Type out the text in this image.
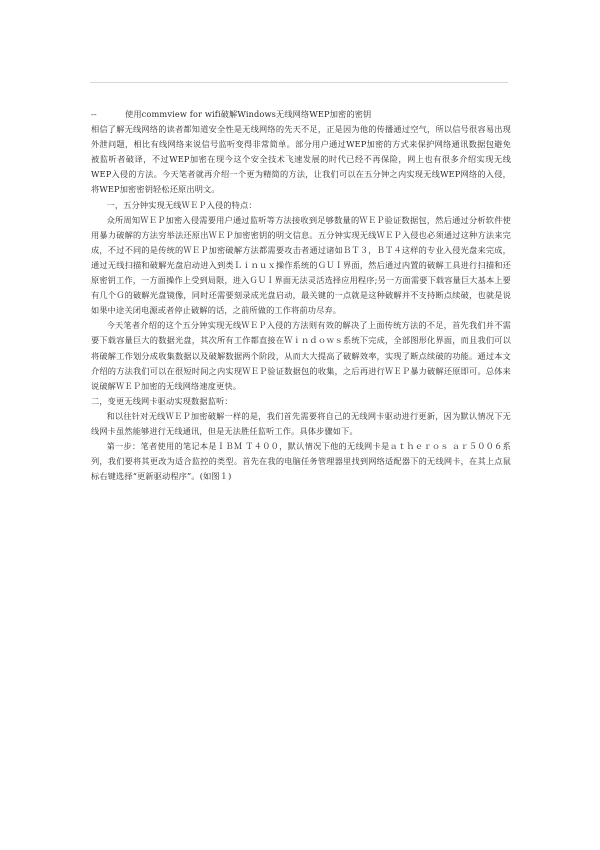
--	使用commview for wifi破解Windows无线网络WEP加密的密钥

相信了解无线网络的读者都知道安全性是无线网络的先天不足，正是因为他的传播通过空气，所以信号很容易出现外泄问题，相比有线网络来说信号监听变得非常简单。部分用户通过WEP加密的方式来保护网络通讯数据包避免被监听者破译，不过WEP加密在现今这个安全技术飞速发展的时代已经不再保险，网上也有很多介绍实现无线WEP入侵的方法。今天笔者就再介绍一个更为精简的方法，让我们可以在五分钟之内实现无线WEP网络的入侵，将WEP加密密钥轻松还原出明文。

一，五分钟实现无线ＷＥＰ入侵的特点：

众所周知ＷＥＰ加密入侵需要用户通过监听等方法接收到足够数量的ＷＥＰ验证数据包，然后通过分析软件使用暴力破解的方法穷举法还原出ＷＥＰ加密密钥的明文信息。五分钟实现无线ＷＥＰ入侵也必须通过这种方法来完成，不过不同的是传统的ＷＥＰ加密破解方法都需要攻击者通过诸如ＢＴ３，ＢＴ４这样的专业入侵光盘来完成，通过无线扫描和破解光盘启动进入到类Ｌｉｎｕｘ操作系统的ＧＵＩ界面，然后通过内置的破解工具进行扫描和还原密钥工作，一方面操作上受到局限，进入ＧＵＩ界面无法灵活选择应用程序;另一方面需要下载容量巨大基本上要有几个Ｇ的破解光盘镜像，同时还需要刻录成光盘启动，最关键的一点就是这种破解并不支持断点续破，也就是说如果中途关闭电源或者停止破解的话，之前所做的工作将前功尽弃。

今天笔者介绍的这个五分钟实现无线ＷＥＰ入侵的方法则有效的解决了上面传统方法的不足，首先我们并不需要下载容量巨大的数据光盘，其次所有工作都直接在Ｗｉｎｄｏｗｓ系统下完成，全部图形化界面，而且我们可以将破解工作划分成收集数据以及破解数据两个阶段，从而大大提高了破解效率，实现了断点续破的功能。通过本文介绍的方法我们可以在很短时间之内实现ＷＥＰ验证数据包的收集，之后再进行ＷＥＰ暴力破解还原即可。总体来说破解ＷＥＰ加密的无线网络速度更快。

二，变更无线网卡驱动实现数据监听：

和以往针对无线ＷＥＰ加密破解一样的是，我们首先需要将自己的无线网卡驱动进行更新，因为默认情况下无线网卡虽然能够进行无线通讯，但是无法胜任监听工作。具体步骤如下。

第一步：笔者使用的笔记本是ＩＢＭ Ｔ４００，默认情况下他的无线网卡是ａｔｈｅｒｏｓ ａｒ５００６系列，我们要将其更改为适合监控的类型。首先在我的电脑任务管理器里找到网络适配器下的无线网卡，在其上点鼠标右键选择“更新驱动程序”。(如图１)
